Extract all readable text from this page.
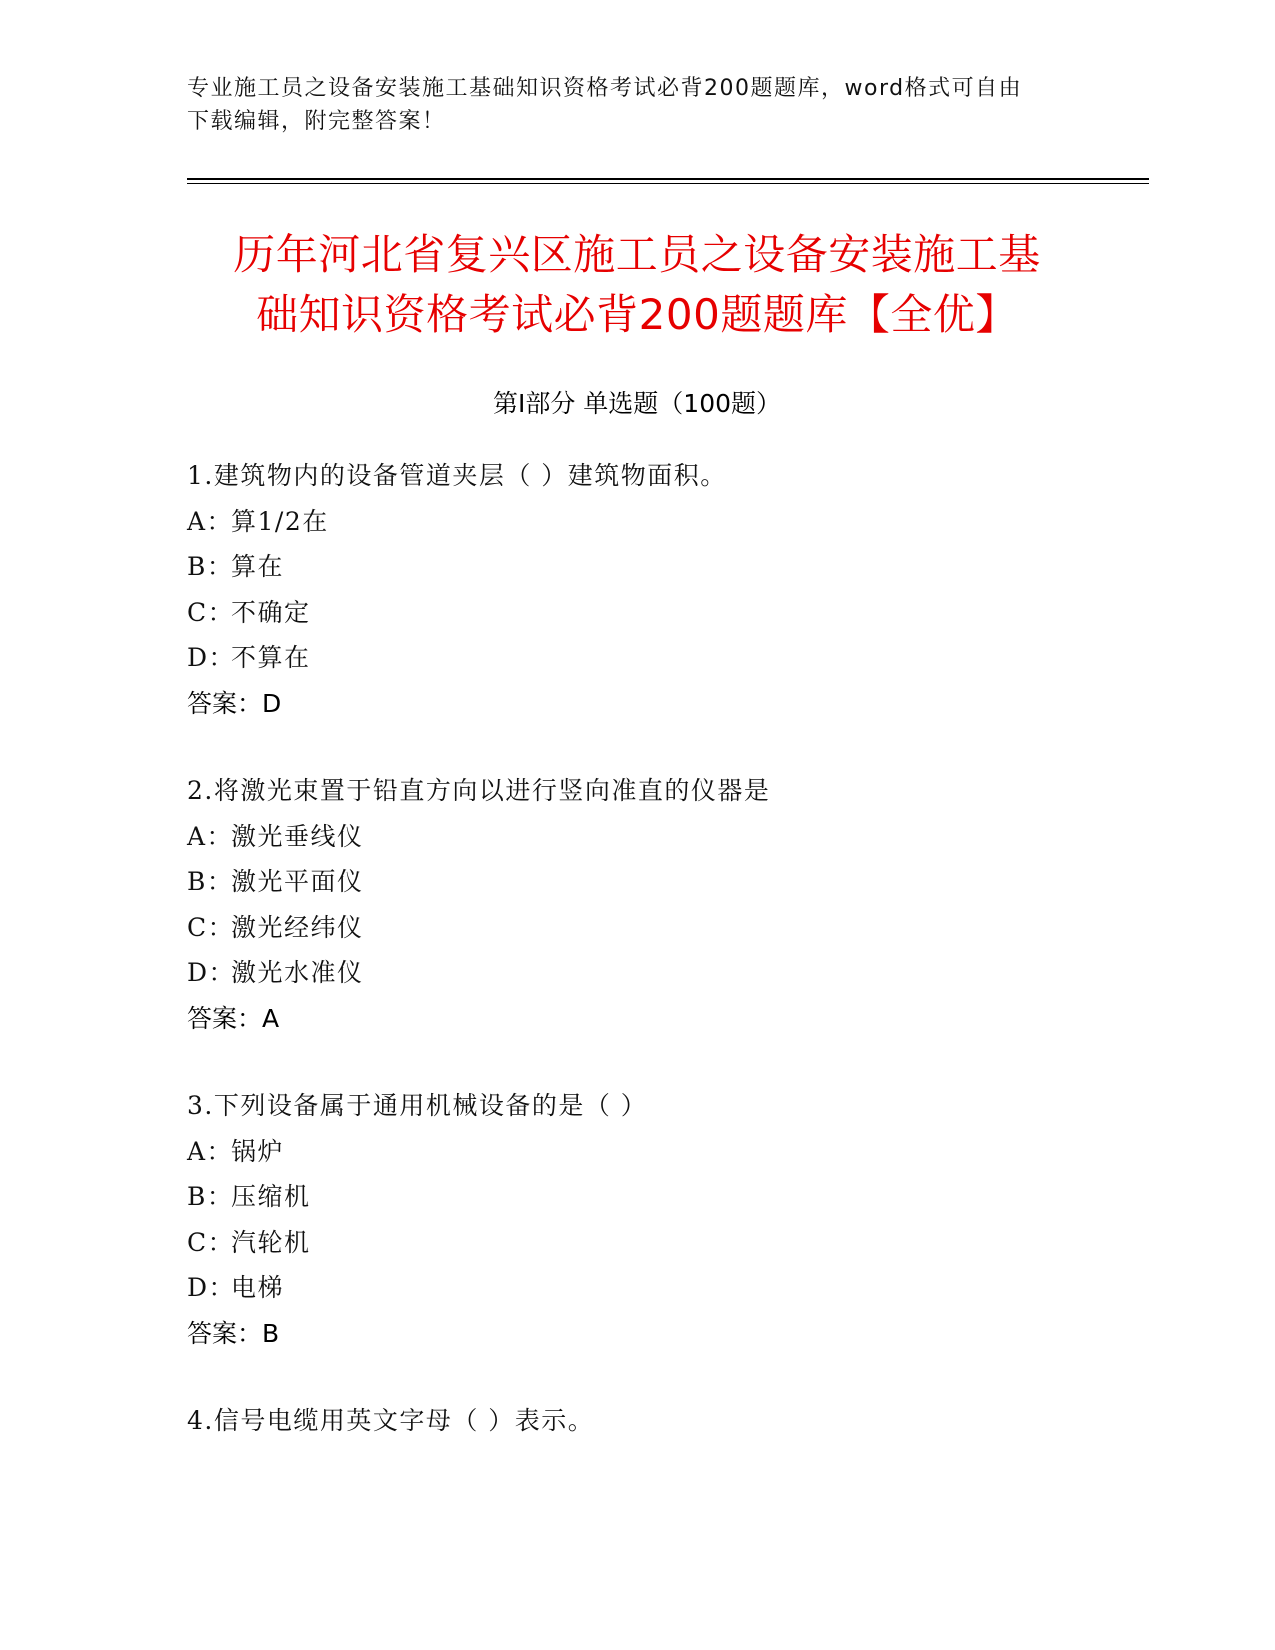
专业施工员之设备安装施工基础知识资格考试必背200题题库，word格式可自由
下载编辑，附完整答案！
历年河北省复兴区施工员之设备安装施工基
础知识资格考试必背200题题库【全优】
第Ⅰ部分 单选题（100题）
1.建筑物内的设备管道夹层（ ）建筑物面积。
A：算1/2在
B：算在
C：不确定
D：不算在
答案：D
2.将激光束置于铅直方向以进行竖向准直的仪器是
A：激光垂线仪
B：激光平面仪
C：激光经纬仪
D：激光水准仪
答案：A
3.下列设备属于通用机械设备的是（ ）
A：锅炉
B：压缩机
C：汽轮机
D：电梯
答案：B
4.信号电缆用英文字母（ ）表示。
